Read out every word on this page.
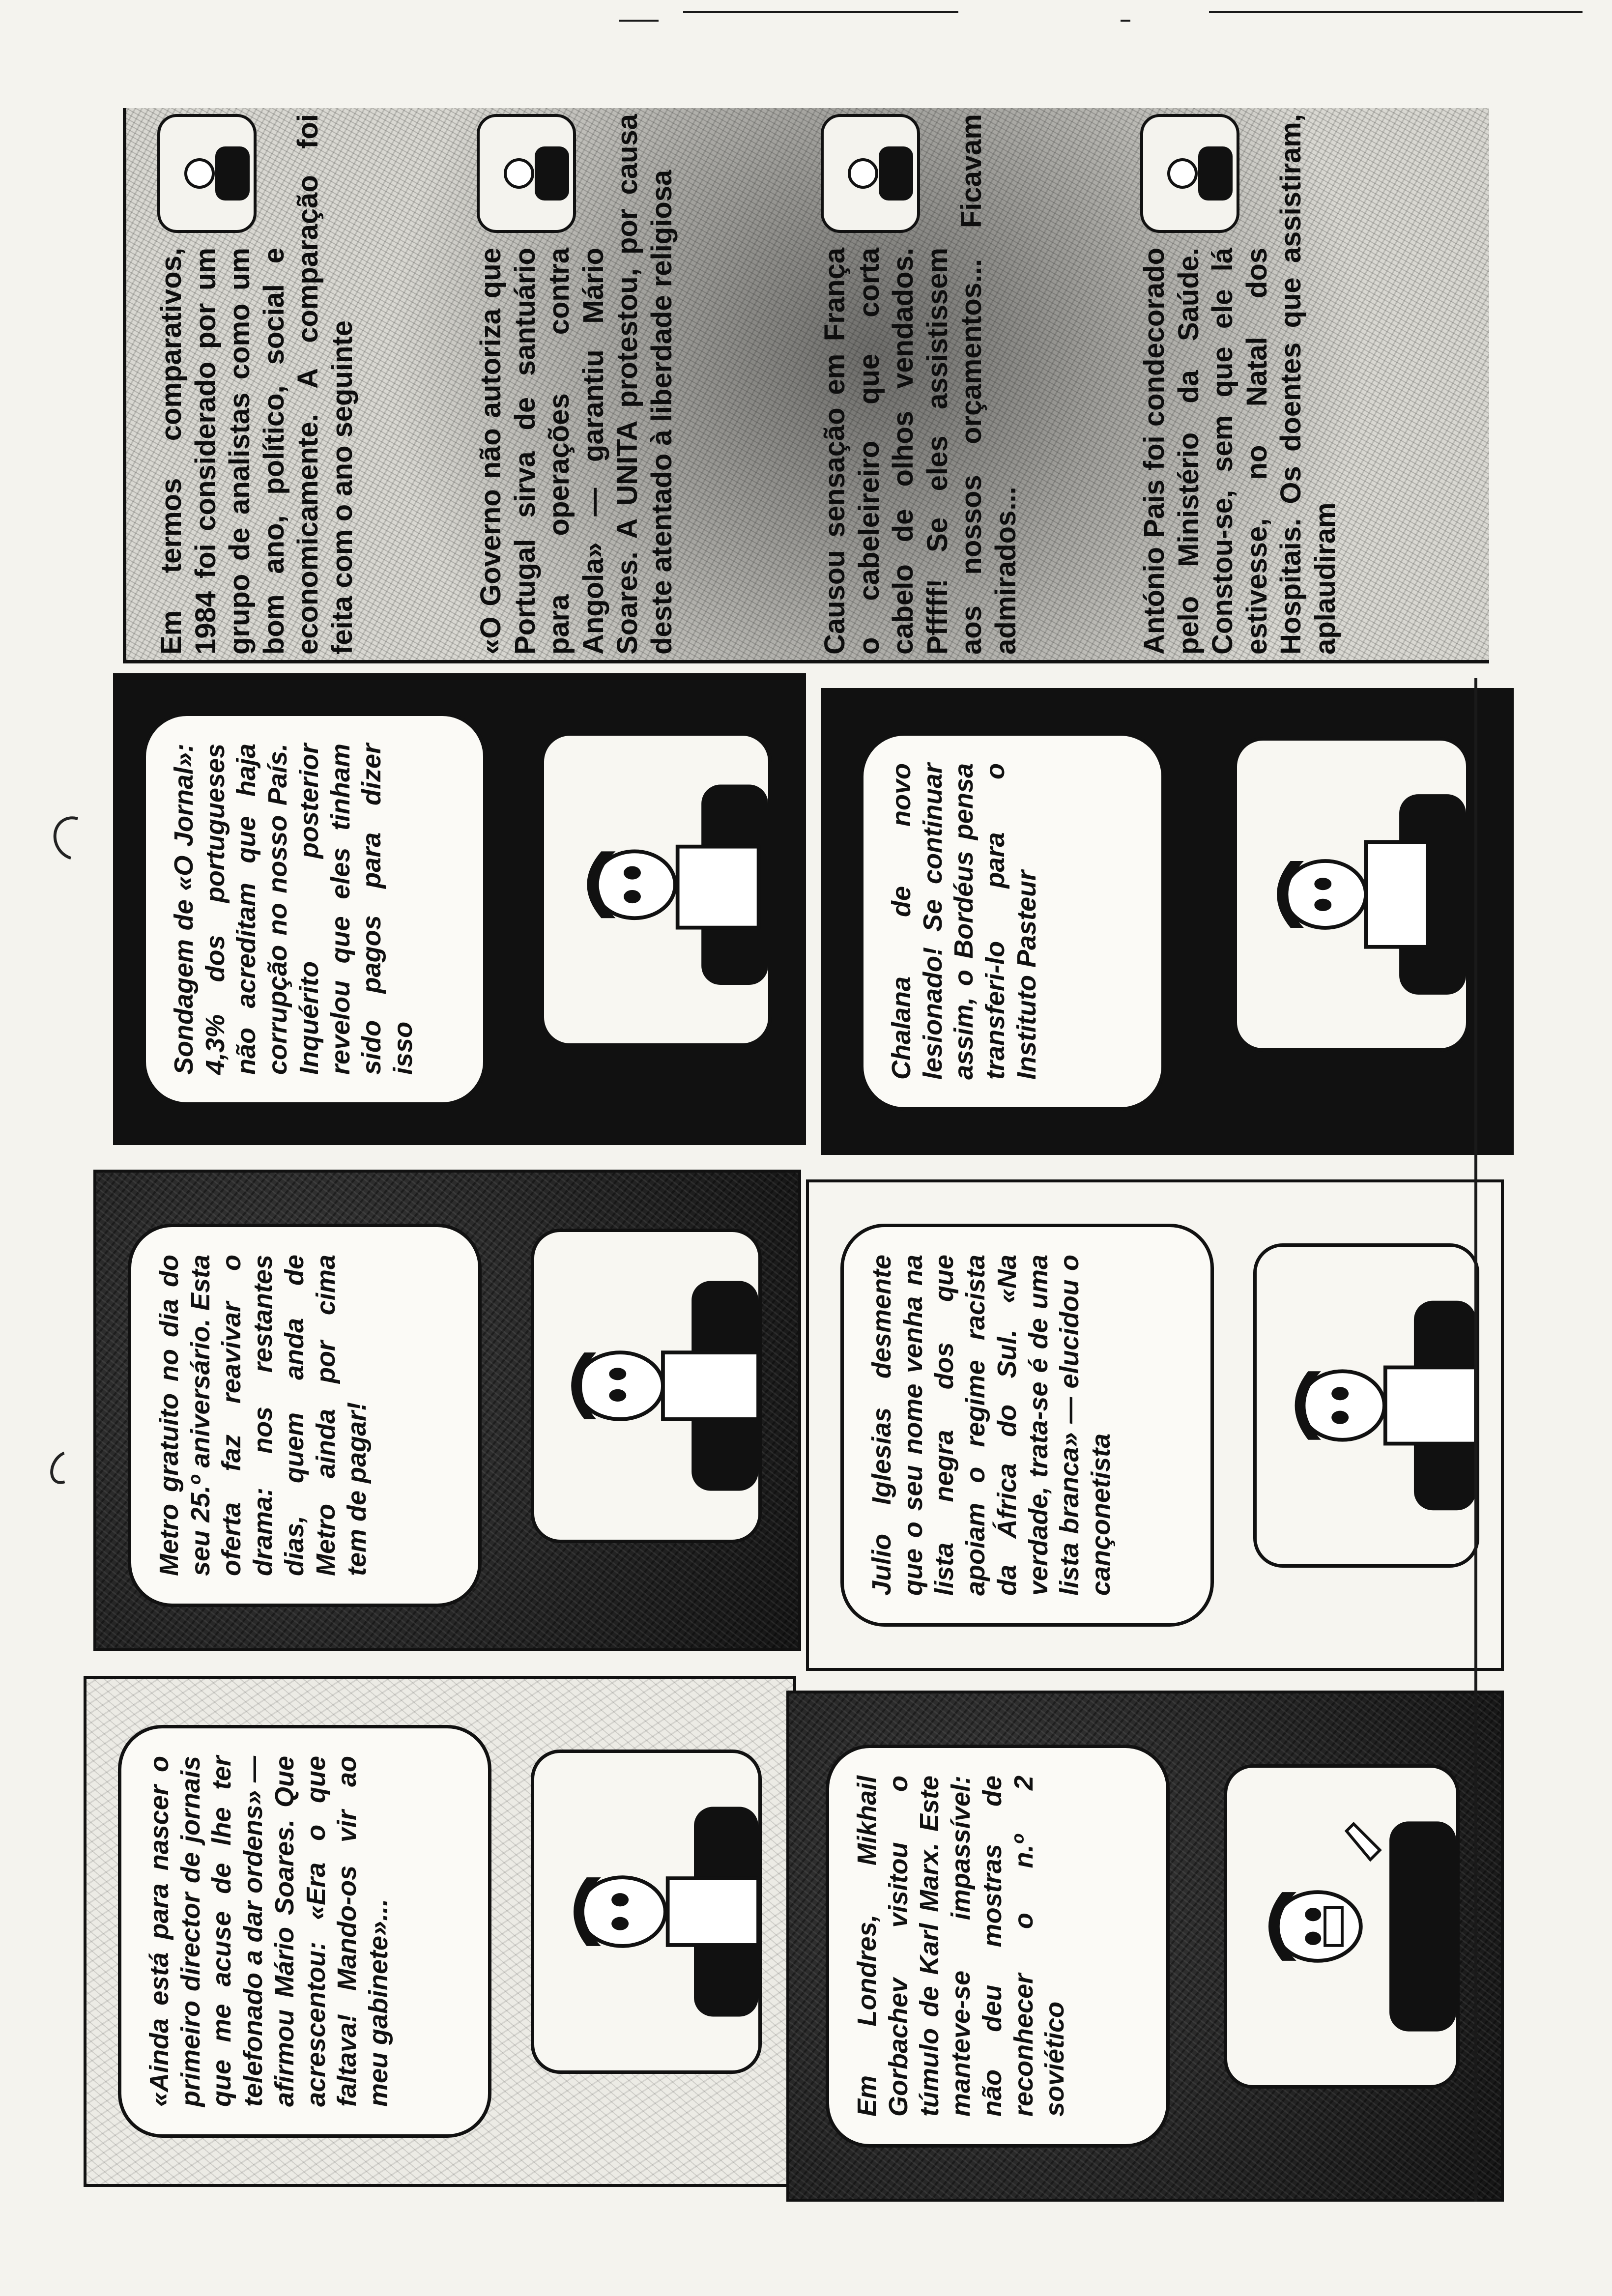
Em termos comparativos, 1984 foi considerado por um grupo de analistas como um bom ano, político, social e economicamente. A comparação foi feita com o ano seguinte	«O Governo não autoriza que Portugal sirva de santuário para operações contra Angola» — garantiu Mário Soares. A UNITA protestou, por causa deste atentado à liberdade religiosa	Causou sensação em França o cabeleireiro que corta cabelo de olhos vendados. Pfffff! Se eles assistissem aos nossos orçamentos... Ficavam admirados...	António Pais foi condecorado pelo Ministério da Saúde. Constou-se, sem que ele lá estivesse, no Natal dos Hospitais. Os doentes que assistiram, aplaudiram

Sondagem de «O Jornal»: 4,3% dos portugueses não acreditam que haja corrupção no nosso País. Inquérito posterior revelou que eles tinham sido pagos para dizer isso
Metro gratuito no dia do seu 25.º aniversário. Esta oferta faz reavivar o drama: nos restantes dias, quem anda de Metro ainda por cima tem de pagar!
«Ainda está para nascer o primeiro director de jornais que me acuse de lhe ter telefonado a dar ordens» — afirmou Mário Soares. Que acrescentou: «Era o que faltava! Mando-os vir ao meu gabinete»...
Chalana de novo lesionado! Se continuar assim, o Bordéus pensa transferi-lo para o Instituto Pasteur
Julio Iglesias desmente que o seu nome venha na lista negra dos que apoiam o regime racista da África do Sul. «Na verdade, trata-se é de uma lista branca» — elucidou o cançonetista
Em Londres, Mikhail Gorbachev visitou o túmulo de Karl Marx. Este manteve-se impassível: não deu mostras de reconhecer o n.º 2 soviético
